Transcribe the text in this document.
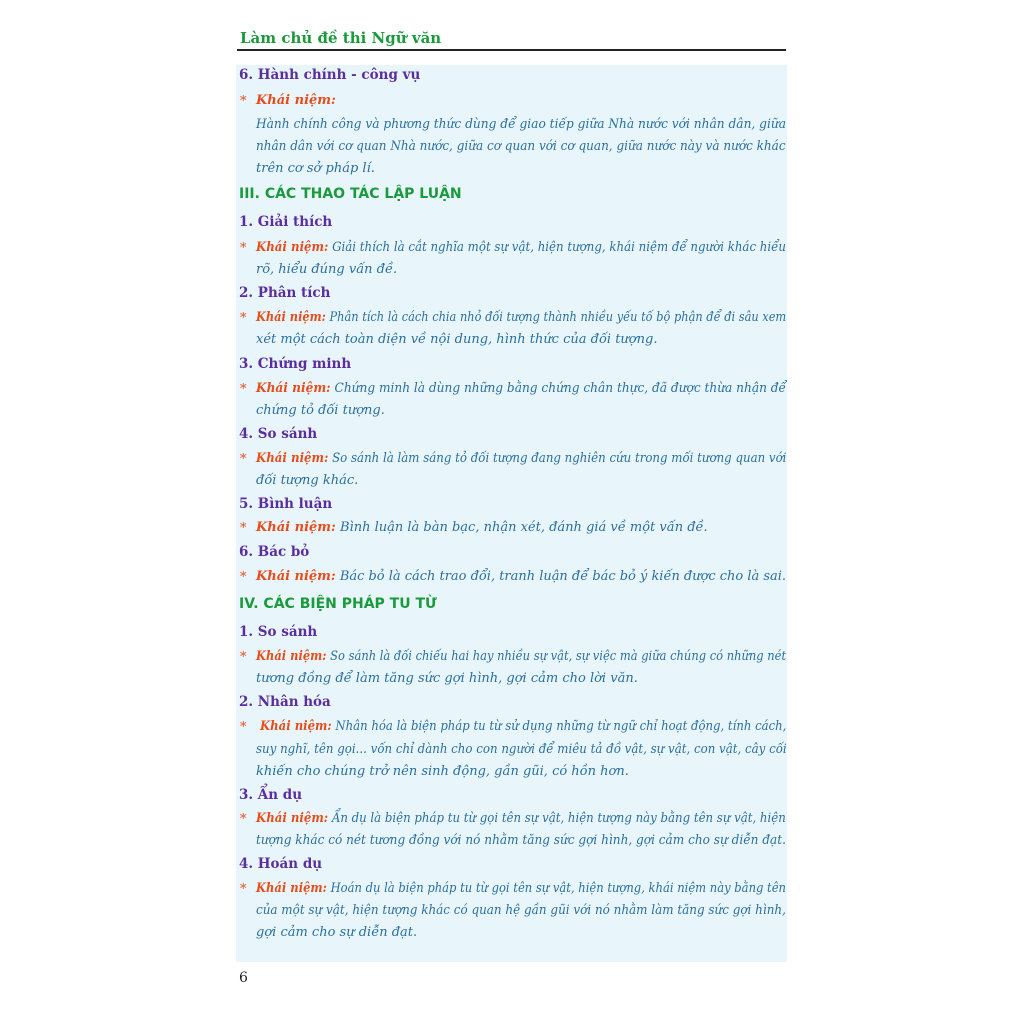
Làm chủ đề thi Ngữ văn
6. Hành chính - công vụ
* Khái niệm:
Hành chính công và phương thức dùng để giao tiếp giữa Nhà nước với nhân dân, giữa
nhân dân với cơ quan Nhà nước, giữa cơ quan với cơ quan, giữa nước này và nước khác
trên cơ sở pháp lí.
III. CÁC THAO TÁC LẬP LUẬN
1. Giải thích
* Khái niệm: Giải thích là cắt nghĩa một sự vật, hiện tượng, khái niệm để người khác hiểu
rõ, hiểu đúng vấn đề.
2. Phân tích
* Khái niệm: Phân tích là cách chia nhỏ đối tượng thành nhiều yếu tố bộ phận để đi sâu xem
xét một cách toàn diện về nội dung, hình thức của đối tượng.
3. Chứng minh
* Khái niệm: Chứng minh là dùng những bằng chứng chân thực, đã được thừa nhận để
chứng tỏ đối tượng.
4. So sánh
* Khái niệm: So sánh là làm sáng tỏ đối tượng đang nghiên cứu trong mối tương quan với
đối tượng khác.
5. Bình luận
* Khái niệm: Bình luận là bàn bạc, nhận xét, đánh giá về một vấn đề.
6. Bác bỏ
* Khái niệm: Bác bỏ là cách trao đổi, tranh luận để bác bỏ ý kiến được cho là sai.
IV. CÁC BIỆN PHÁP TU TỪ
1. So sánh
* Khái niệm: So sánh là đối chiếu hai hay nhiều sự vật, sự việc mà giữa chúng có những nét
tương đồng để làm tăng sức gợi hình, gợi cảm cho lời văn.
2. Nhân hóa
* Khái niệm: Nhân hóa là biện pháp tu từ sử dụng những từ ngữ chỉ hoạt động, tính cách,
suy nghĩ, tên gọi... vốn chỉ dành cho con người để miêu tả đồ vật, sự vật, con vật, cây cối
khiến cho chúng trở nên sinh động, gần gũi, có hồn hơn.
3. Ẩn dụ
* Khái niệm: Ẩn dụ là biện pháp tu từ gọi tên sự vật, hiện tượng này bằng tên sự vật, hiện
tượng khác có nét tương đồng với nó nhằm tăng sức gợi hình, gợi cảm cho sự diễn đạt.
4. Hoán dụ
* Khái niệm: Hoán dụ là biện pháp tu từ gọi tên sự vật, hiện tượng, khái niệm này bằng tên
của một sự vật, hiện tượng khác có quan hệ gần gũi với nó nhằm làm tăng sức gợi hình,
gợi cảm cho sự diễn đạt.
6
